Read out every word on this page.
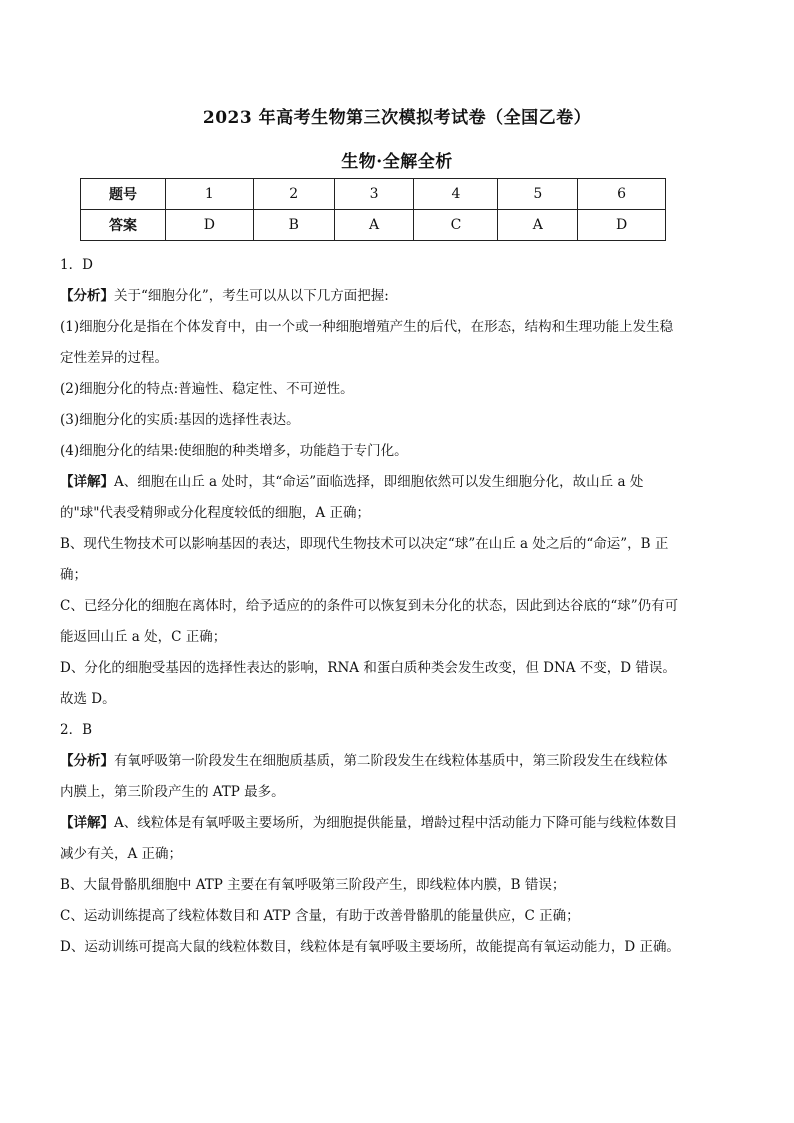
2023 年高考生物第三次模拟考试卷（全国乙卷）
生物·全解全析
题号	1	2	3	4	5	6
答案	D	B	A	C	A	D

1．D

【分析】关于“细胞分化”，考生可以从以下几方面把握:

(1)细胞分化是指在个体发育中，由一个或一种细胞增殖产生的后代，在形态，结构和生理功能上发生稳定性差异的过程。

(2)细胞分化的特点:普遍性、稳定性、不可逆性。

(3)细胞分化的实质:基因的选择性表达。

(4)细胞分化的结果:使细胞的种类增多，功能趋于专门化。

【详解】A、细胞在山丘 a 处时，其“命运”面临选择，即细胞依然可以发生细胞分化，故山丘 a 处的"球"代表受精卵或分化程度较低的细胞，A 正确；

B、现代生物技术可以影响基因的表达，即现代生物技术可以决定“球”在山丘 a 处之后的“命运”，B 正确；

C、已经分化的细胞在离体时，给予适应的的条件可以恢复到未分化的状态，因此到达谷底的“球”仍有可能返回山丘 a 处，C 正确；

D、分化的细胞受基因的选择性表达的影响，RNA 和蛋白质种类会发生改变，但 DNA 不变，D 错误。

故选 D。

2．B

【分析】有氧呼吸第一阶段发生在细胞质基质，第二阶段发生在线粒体基质中，第三阶段发生在线粒体内膜上，第三阶段产生的 ATP 最多。

【详解】A、线粒体是有氧呼吸主要场所，为细胞提供能量，增龄过程中活动能力下降可能与线粒体数目减少有关，A 正确；

B、大鼠骨骼肌细胞中 ATP 主要在有氧呼吸第三阶段产生，即线粒体内膜，B 错误；

C、运动训练提高了线粒体数目和 ATP 含量，有助于改善骨骼肌的能量供应，C 正确；

D、运动训练可提高大鼠的线粒体数目，线粒体是有氧呼吸主要场所，故能提高有氧运动能力，D 正确。
